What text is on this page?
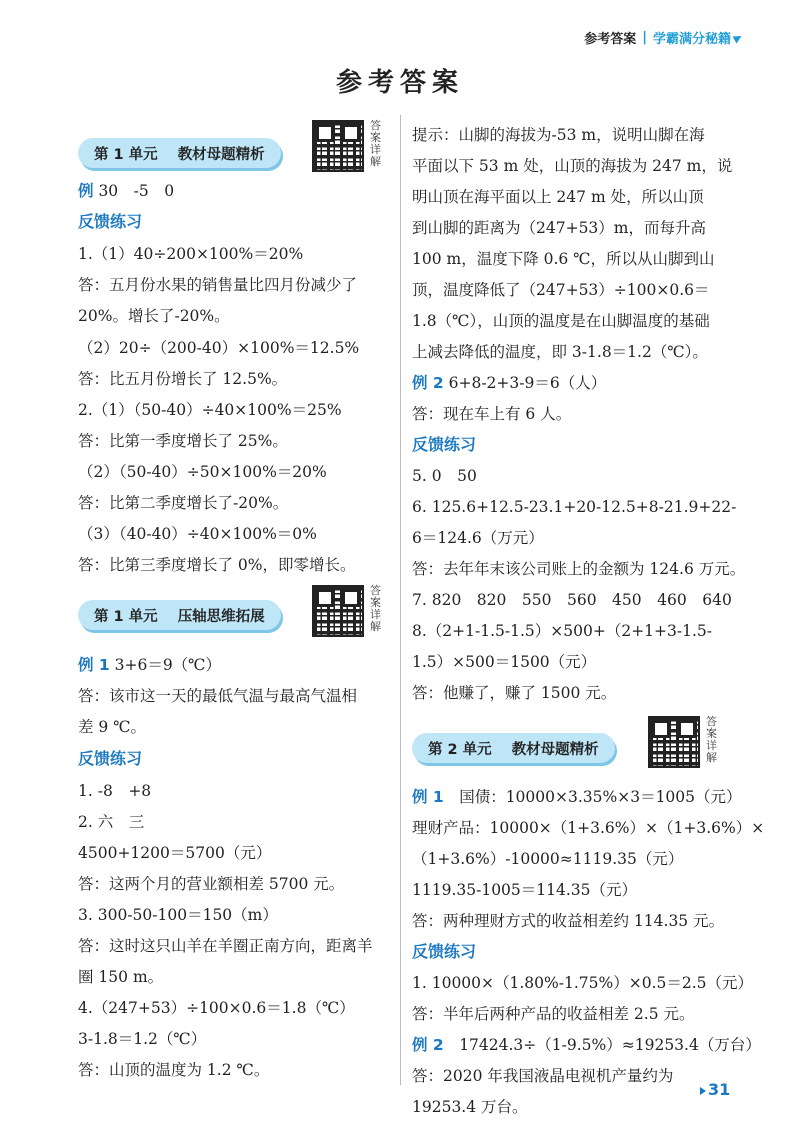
参考答案 | 学霸满分秘籍
参考答案
第 1 单元 教材母题精析
答案详解
例 30　-5　0
反馈练习
1.（1）40÷200×100%＝20%
答：五月份水果的销售量比四月份减少了
20%。增长了-20%。
（2）20÷（200-40）×100%＝12.5%
答：比五月份增长了 12.5%。
2.（1）（50-40）÷40×100%＝25%
答：比第一季度增长了 25%。
（2）（50-40）÷50×100%＝20%
答：比第二季度增长了-20%。
（3）（40-40）÷40×100%＝0%
答：比第三季度增长了 0%，即零增长。
第 1 单元 压轴思维拓展
答案详解
例 1 3+6＝9（℃）
答：该市这一天的最低气温与最高气温相
差 9 ℃。
反馈练习
1. -8　+8
2. 六　三
4500+1200＝5700（元）
答：这两个月的营业额相差 5700 元。
3. 300-50-100＝150（m）
答：这时这只山羊在羊圈正南方向，距离羊
圈 150 m。
4.（247+53）÷100×0.6＝1.8（℃）
3-1.8＝1.2（℃）
答：山顶的温度为 1.2 ℃。
提示：山脚的海拔为-53 m，说明山脚在海
平面以下 53 m 处，山顶的海拔为 247 m，说
明山顶在海平面以上 247 m 处，所以山顶
到山脚的距离为（247+53）m，而每升高
100 m，温度下降 0.6 ℃，所以从山脚到山
顶，温度降低了（247+53）÷100×0.6＝
1.8（℃），山顶的温度是在山脚温度的基础
上减去降低的温度，即 3-1.8＝1.2（℃）。
例 2 6+8-2+3-9＝6（人）
答：现在车上有 6 人。
反馈练习
5. 0　50
6. 125.6+12.5-23.1+20-12.5+8-21.9+22-
6＝124.6（万元）
答：去年年末该公司账上的金额为 124.6 万元。
7. 820　820　550　560　450　460　640
8.（2+1-1.5-1.5）×500+（2+1+3-1.5-
1.5）×500＝1500（元）
答：他赚了，赚了 1500 元。
第 2 单元 教材母题精析
答案详解
例 1　国债：10000×3.35%×3＝1005（元）
理财产品：10000×（1+3.6%）×（1+3.6%）×
（1+3.6%）-10000≈1119.35（元）
1119.35-1005＝114.35（元）
答：两种理财方式的收益相差约 114.35 元。
反馈练习
1. 10000×（1.80%-1.75%）×0.5＝2.5（元）
答：半年后两种产品的收益相差 2.5 元。
例 2　17424.3÷（1-9.5%）≈19253.4（万台）
答：2020 年我国液晶电视机产量约为
19253.4 万台。
31
